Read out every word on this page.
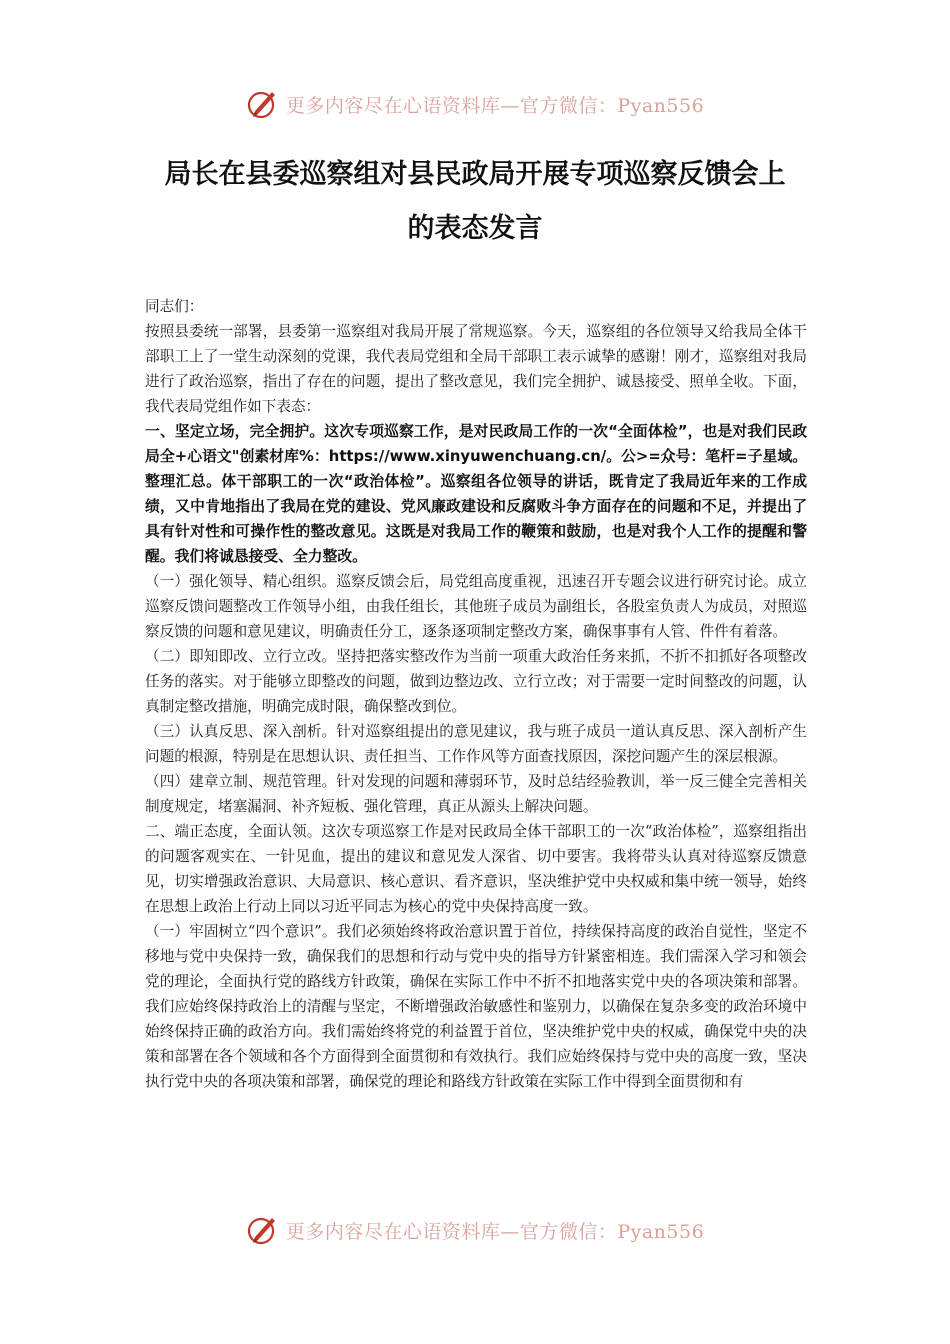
更多内容尽在心语资料库—官方微信：Pyan556
局长在县委巡察组对县民政局开展专项巡察反馈会上
的表态发言

同志们：

按照县委统一部署，县委第一巡察组对我局开展了常规巡察。今天，巡察组的各位领导又给我局全体干部职工上了一堂生动深刻的党课，我代表局党组和全局干部职工表示诚挚的感谢！刚才，巡察组对我局进行了政治巡察，指出了存在的问题，提出了整改意见，我们完全拥护、诚恳接受、照单全收。下面，我代表局党组作如下表态：

一、坚定立场，完全拥护。这次专项巡察工作，是对民政局工作的一次“全面体检”，也是对我们民政局全+心语文"创素材库%：https://www.xinyuwenchuang.cn/。公>=众号：笔杆=子星域。整理汇总。体干部职工的一次“政治体检”。巡察组各位领导的讲话，既肯定了我局近年来的工作成绩，又中肯地指出了我局在党的建设、党风廉政建设和反腐败斗争方面存在的问题和不足，并提出了具有针对性和可操作性的整改意见。这既是对我局工作的鞭策和鼓励，也是对我个人工作的提醒和警醒。我们将诚恳接受、全力整改。

（一）强化领导、精心组织。巡察反馈会后，局党组高度重视，迅速召开专题会议进行研究讨论。成立巡察反馈问题整改工作领导小组，由我任组长，其他班子成员为副组长，各股室负责人为成员，对照巡察反馈的问题和意见建议，明确责任分工，逐条逐项制定整改方案，确保事事有人管、件件有着落。

（二）即知即改、立行立改。坚持把落实整改作为当前一项重大政治任务来抓，不折不扣抓好各项整改任务的落实。对于能够立即整改的问题，做到边整边改、立行立改；对于需要一定时间整改的问题，认真制定整改措施，明确完成时限，确保整改到位。

（三）认真反思、深入剖析。针对巡察组提出的意见建议，我与班子成员一道认真反思、深入剖析产生问题的根源，特别是在思想认识、责任担当、工作作风等方面查找原因，深挖问题产生的深层根源。

（四）建章立制、规范管理。针对发现的问题和薄弱环节，及时总结经验教训，举一反三健全完善相关制度规定，堵塞漏洞、补齐短板、强化管理，真正从源头上解决问题。

二、端正态度，全面认领。这次专项巡察工作是对民政局全体干部职工的一次“政治体检”，巡察组指出的问题客观实在、一针见血，提出的建议和意见发人深省、切中要害。我将带头认真对待巡察反馈意见，切实增强政治意识、大局意识、核心意识、看齐意识，坚决维护党中央权威和集中统一领导，始终在思想上政治上行动上同以习近平同志为核心的党中央保持高度一致。

（一）牢固树立“四个意识”。我们必须始终将政治意识置于首位，持续保持高度的政治自觉性，坚定不移地与党中央保持一致，确保我们的思想和行动与党中央的指导方针紧密相连。我们需深入学习和领会党的理论，全面执行党的路线方针政策，确保在实际工作中不折不扣地落实党中央的各项决策和部署。我们应始终保持政治上的清醒与坚定，不断增强政治敏感性和鉴别力，以确保在复杂多变的政治环境中始终保持正确的政治方向。我们需始终将党的利益置于首位，坚决维护党中央的权威，确保党中央的决策和部署在各个领域和各个方面得到全面贯彻和有效执行。我们应始终保持与党中央的高度一致，坚决执行党中央的各项决策和部署，确保党的理论和路线方针政策在实际工作中得到全面贯彻和有

更多内容尽在心语资料库—官方微信：Pyan556
